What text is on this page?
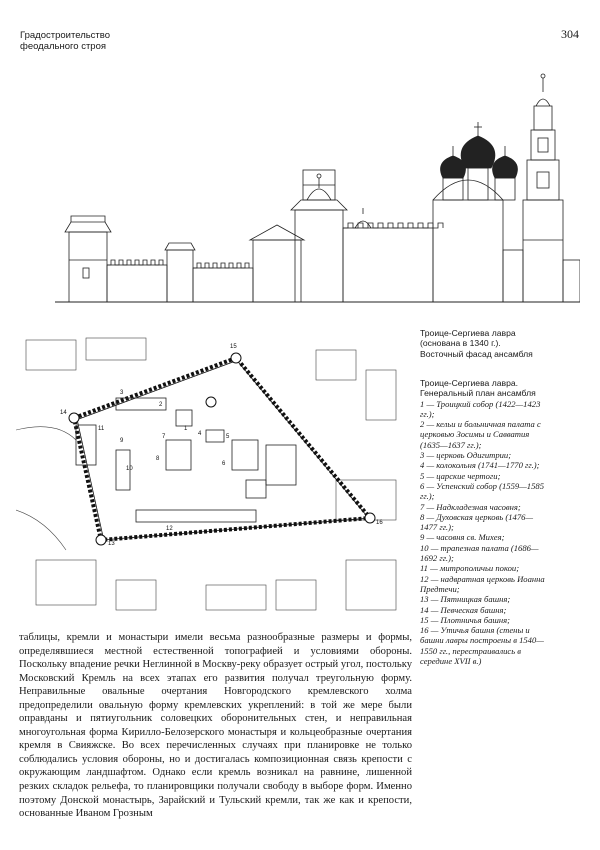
Градостроительство
феодального строя
304
Троице-Сергиева лавра (основана в 1340 г.). Восточный фасад ансамбля
1
2
3
4	5
6
7
8
9
10
11
12
13
14
15
16
Троице-Сергиева лавра. Генеральный план ансамбля
1 — Троицкий собор (1422—1423 гг.);
2 — кельи и больничная палата с церковью Зосимы и Савватия (1635—1637 гг.);
3 — церковь Одигитрии;
4 — колокольня (1741—1770 гг.);
5 — царские чертоги;
6 — Успенский собор (1559—1585 гг.);
7 — Надкладезная часовня;
8 — Духовская церковь (1476—1477 гг.);
9 — часовня св. Михея;
10 — трапезная палата (1686—1692 гг.);
11 — митрополичьи покои;
12 — надвратная церковь Иоанна Предтечи;
13 — Пятницкая башня;
14 — Певческая башня;
15 — Плотничья башня;
16 — Утичья башня (стены и башни лавры построены в 1540—1550 гг., перестраивались в середине XVII в.)

таблицы, кремли и монастыри имели весьма разнообразные размеры и формы, определявшиеся местной естественной топографией и условиями обороны. Поскольку впадение речки Неглинной в Москву-реку образует острый угол, постольку Московский Кремль на всех этапах его развития получал треугольную форму. Неправильные овальные очертания Новгородского кремлевского холма предопределили овальную форму кремлевских укреплений: в той же мере были оправданы и пятиугольник соловецких оборонительных стен, и неправильная многоугольная форма Кирилло-Белозерского монастыря и кольцеобразные очертания кремля в Свияжске. Во всех перечисленных случаях при планировке не только соблюдались условия обороны, но и достигалась композиционная связь крепости с окружающим ландшафтом. Однако если кремль возникал на равнине, лишенной резких складок рельефа, то планировщики получали свободу в выборе форм. Именно поэтому Донской монастырь, Зарайский и Тульский кремли, так же как и крепости, основанные Иваном Грозным
